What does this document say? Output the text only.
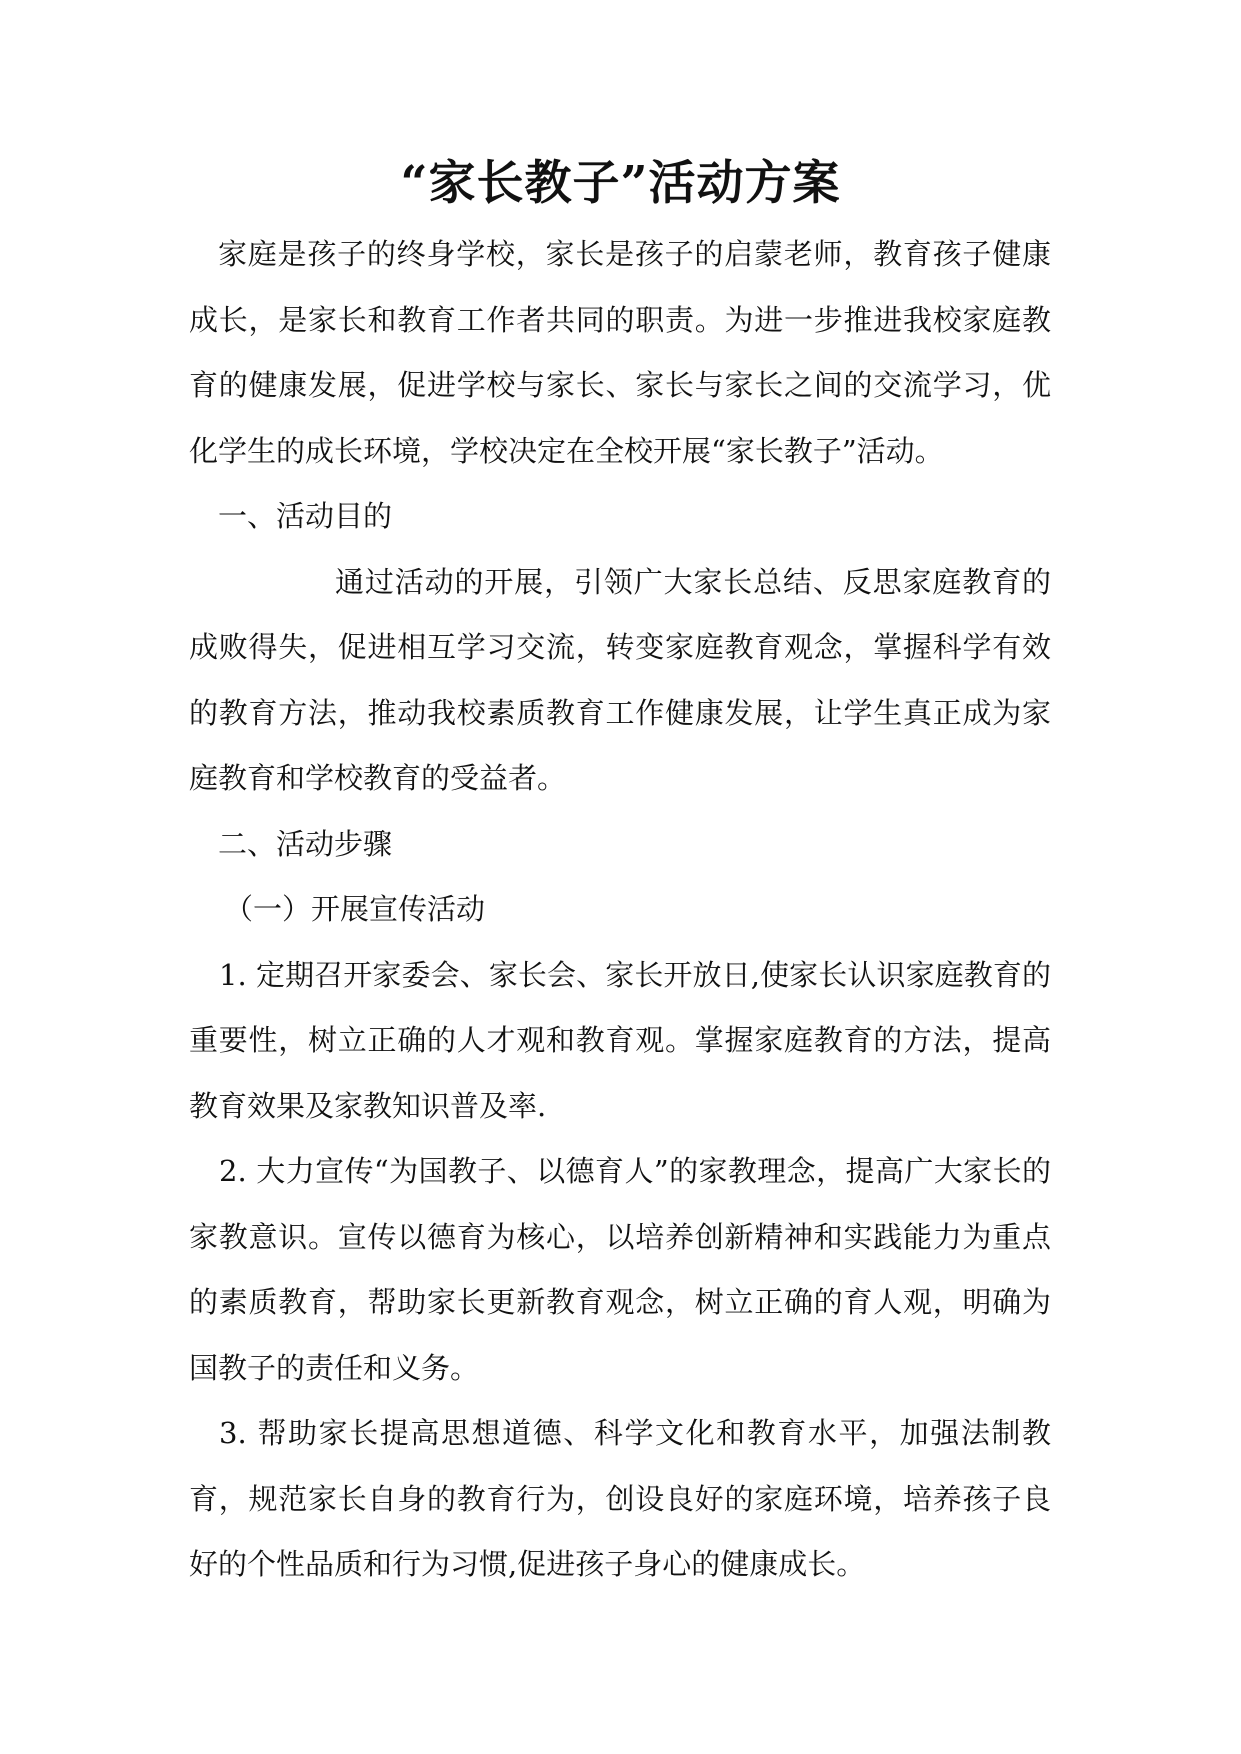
“家长教子”活动方案

家庭是孩子的终身学校，家长是孩子的启蒙老师，教育孩子健康成长，是家长和教育工作者共同的职责。为进一步推进我校家庭教育的健康发展，促进学校与家长、家长与家长之间的交流学习，优化学生的成长环境，学校决定在全校开展“家长教子”活动。

一、活动目的

通过活动的开展，引领广大家长总结、反思家庭教育的成败得失，促进相互学习交流，转变家庭教育观念，掌握科学有效的教育方法，推动我校素质教育工作健康发展，让学生真正成为家庭教育和学校教育的受益者。

二、活动步骤

（一）开展宣传活动

1. 定期召开家委会、家长会、家长开放日,使家长认识家庭教育的重要性，树立正确的人才观和教育观。掌握家庭教育的方法，提高教育效果及家教知识普及率.

2. 大力宣传“为国教子、以德育人”的家教理念，提高广大家长的家教意识。宣传以德育为核心，以培养创新精神和实践能力为重点的素质教育，帮助家长更新教育观念，树立正确的育人观，明确为国教子的责任和义务。

3. 帮助家长提高思想道德、科学文化和教育水平，加强法制教育，规范家长自身的教育行为，创设良好的家庭环境，培养孩子良好的个性品质和行为习惯,促进孩子身心的健康成长。
